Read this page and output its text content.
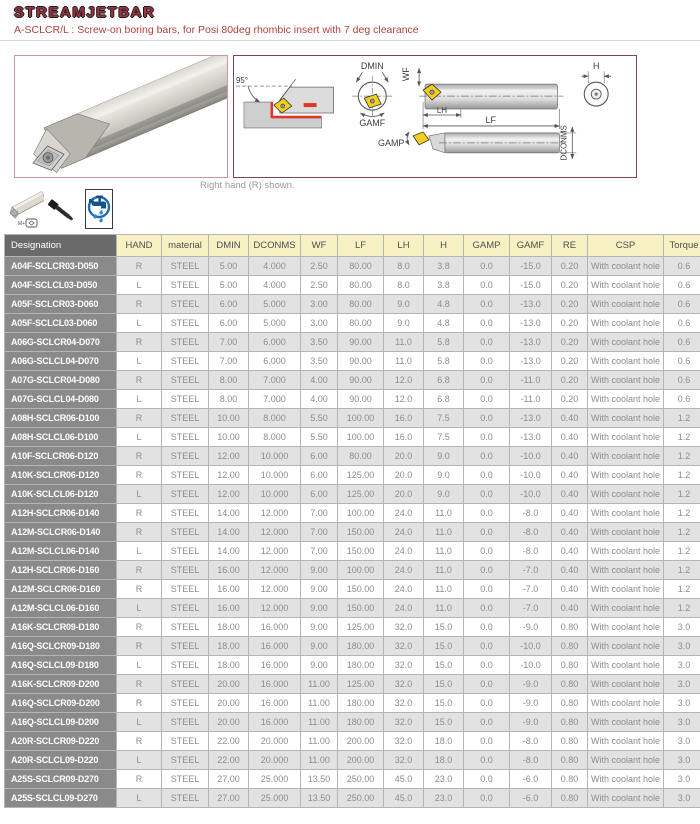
STREAMJETBAR
A-SCLCR/L : Screw-on boring bars, for Posi 80deg rhombic insert with 7 deg clearance
95°
DMIN
GAMF
WF
LH
LF
GAMP	DCONMS
H
Right hand (R) shown.
M+
Designation	HAND	material	DMIN	DCONMS	WF	LF	LH	H	GAMP	GAMF	RE	CSP	Torque
A04F-SCLCR03-D050	R	STEEL	5.00	4.000	2.50	80.00	8.0	3.8	0.0	-15.0	0.20	With coolant hole	0.6
A04F-SCLCL03-D050	L	STEEL	5.00	4.000	2.50	80.00	8.0	3.8	0.0	-15.0	0.20	With coolant hole	0.6
A05F-SCLCR03-D060	R	STEEL	6.00	5.000	3.00	80.00	9.0	4.8	0.0	-13.0	0.20	With coolant hole	0.6
A05F-SCLCL03-D060	L	STEEL	6.00	5.000	3.00	80.00	9.0	4.8	0.0	-13.0	0.20	With coolant hole	0.6
A06G-SCLCR04-D070	R	STEEL	7.00	6.000	3.50	90.00	11.0	5.8	0.0	-13.0	0.20	With coolant hole	0.6
A06G-SCLCL04-D070	L	STEEL	7.00	6.000	3.50	90.00	11.0	5.8	0.0	-13.0	0.20	With coolant hole	0.6
A07G-SCLCR04-D080	R	STEEL	8.00	7.000	4.00	90.00	12.0	6.8	0.0	-11.0	0.20	With coolant hole	0.6
A07G-SCLCL04-D080	L	STEEL	8.00	7.000	4.00	90.00	12.0	6.8	0.0	-11.0	0.20	With coolant hole	0.6
A08H-SCLCR06-D100	R	STEEL	10.00	8.000	5.50	100.00	16.0	7.5	0.0	-13.0	0.40	With coolant hole	1.2
A08H-SCLCL06-D100	L	STEEL	10.00	8.000	5.50	100.00	16.0	7.5	0.0	-13.0	0.40	With coolant hole	1.2
A10F-SCLCR06-D120	R	STEEL	12.00	10.000	6.00	80.00	20.0	9.0	0.0	-10.0	0.40	With coolant hole	1.2
A10K-SCLCR06-D120	R	STEEL	12.00	10.000	6.00	125.00	20.0	9.0	0.0	-10.0	0.40	With coolant hole	1.2
A10K-SCLCL06-D120	L	STEEL	12.00	10.000	6.00	125.00	20.0	9.0	0.0	-10.0	0.40	With coolant hole	1.2
A12H-SCLCR06-D140	R	STEEL	14.00	12.000	7.00	100.00	24.0	11.0	0.0	-8.0	0.40	With coolant hole	1.2
A12M-SCLCR06-D140	R	STEEL	14.00	12.000	7.00	150.00	24.0	11.0	0.0	-8.0	0.40	With coolant hole	1.2
A12M-SCLCL06-D140	L	STEEL	14.00	12.000	7.00	150.00	24.0	11.0	0.0	-8.0	0.40	With coolant hole	1.2
A12H-SCLCR06-D160	R	STEEL	16.00	12.000	9.00	100.00	24.0	11.0	0.0	-7.0	0.40	With coolant hole	1.2
A12M-SCLCR06-D160	R	STEEL	16.00	12.000	9.00	150.00	24.0	11.0	0.0	-7.0	0.40	With coolant hole	1.2
A12M-SCLCL06-D160	L	STEEL	16.00	12.000	9.00	150.00	24.0	11.0	0.0	-7.0	0.40	With coolant hole	1.2
A16K-SCLCR09-D180	R	STEEL	18.00	16.000	9.00	125.00	32.0	15.0	0.0	-9.0	0.80	With coolant hole	3.0
A16Q-SCLCR09-D180	R	STEEL	18.00	16.000	9.00	180.00	32.0	15.0	0.0	-10.0	0.80	With coolant hole	3.0
A16Q-SCLCL09-D180	L	STEEL	18.00	16.000	9.00	180.00	32.0	15.0	0.0	-10.0	0.80	With coolant hole	3.0
A16K-SCLCR09-D200	R	STEEL	20.00	16.000	11.00	125.00	32.0	15.0	0.0	-9.0	0.80	With coolant hole	3.0
A16Q-SCLCR09-D200	R	STEEL	20.00	16.000	11.00	180.00	32.0	15.0	0.0	-9.0	0.80	With coolant hole	3.0
A16Q-SCLCL09-D200	L	STEEL	20.00	16.000	11.00	180.00	32.0	15.0	0.0	-9.0	0.80	With coolant hole	3.0
A20R-SCLCR09-D220	R	STEEL	22.00	20.000	11.00	200.00	32.0	18.0	0.0	-8.0	0.80	With coolant hole	3.0
A20R-SCLCL09-D220	L	STEEL	22.00	20.000	11.00	200.00	32.0	18.0	0.0	-8.0	0.80	With coolant hole	3.0
A25S-SCLCR09-D270	R	STEEL	27.00	25.000	13.50	250.00	45.0	23.0	0.0	-6.0	0.80	With coolant hole	3.0
A25S-SCLCL09-D270	L	STEEL	27.00	25.000	13.50	250.00	45.0	23.0	0.0	-6.0	0.80	With coolant hole	3.0
